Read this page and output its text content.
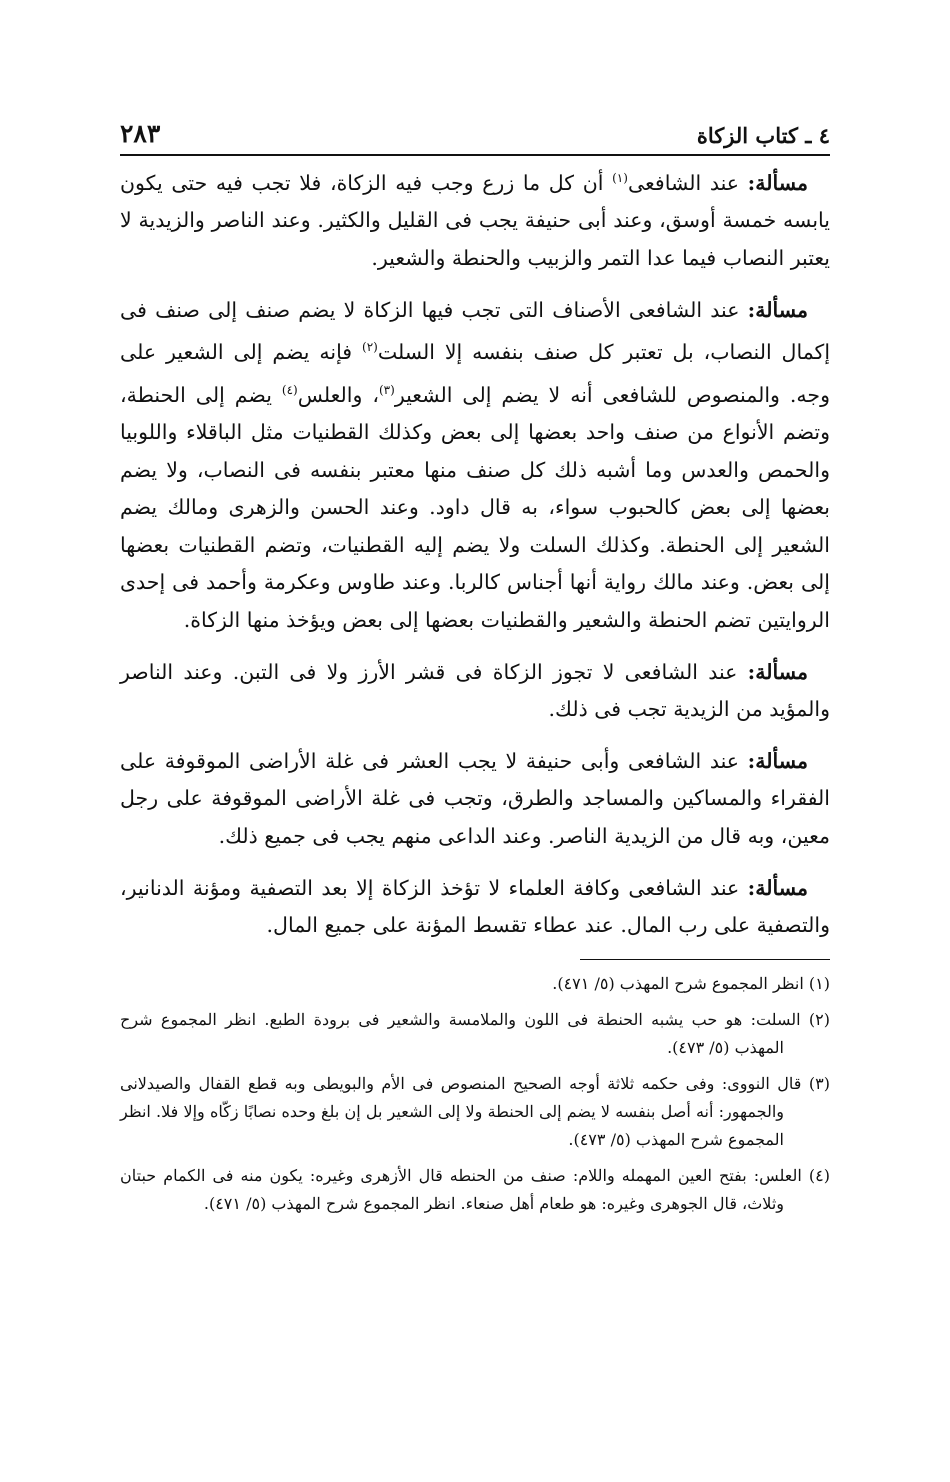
٤ ـ كتاب الزكاة
٢٨٣

مسألة: عند الشافعى$^{(١)}$ أن كل ما زرع وجب فيه الزكاة، فلا تجب فيه حتى يكون يابسه خمسة أوسق، وعند أبى حنيفة يجب فى القليل والكثير. وعند الناصر والزيدية لا يعتبر النصاب فيما عدا التمر والزبيب والحنطة والشعير.

مسألة: عند الشافعى الأصناف التى تجب فيها الزكاة لا يضم صنف إلى صنف فى إكمال النصاب، بل تعتبر كل صنف بنفسه إلا السلت$^{(٢)}$ فإنه يضم إلى الشعير على وجه. والمنصوص للشافعى أنه لا يضم إلى الشعير$^{(٣)}$، والعلس$^{(٤)}$ يضم إلى الحنطة، وتضم الأنواع من صنف واحد بعضها إلى بعض وكذلك القطنيات مثل الباقلاء واللوبيا والحمص والعدس وما أشبه ذلك كل صنف منها معتبر بنفسه فى النصاب، ولا يضم بعضها إلى بعض كالحبوب سواء، به قال داود. وعند الحسن والزهرى ومالك يضم الشعير إلى الحنطة. وكذلك السلت ولا يضم إليه القطنيات، وتضم القطنيات بعضها إلى بعض. وعند مالك رواية أنها أجناس كالربا. وعند طاوس وعكرمة وأحمد فى إحدى الروايتين تضم الحنطة والشعير والقطنيات بعضها إلى بعض ويؤخذ منها الزكاة.

مسألة: عند الشافعى لا تجوز الزكاة فى قشر الأرز ولا فى التبن. وعند الناصر والمؤيد من الزيدية تجب فى ذلك.

مسألة: عند الشافعى وأبى حنيفة لا يجب العشر فى غلة الأراضى الموقوفة على الفقراء والمساكين والمساجد والطرق، وتجب فى غلة الأراضى الموقوفة على رجل معين، وبه قال من الزيدية الناصر. وعند الداعى منهم يجب فى جميع ذلك.

مسألة: عند الشافعى وكافة العلماء لا تؤخذ الزكاة إلا بعد التصفية ومؤنة الدنانير، والتصفية على رب المال. عند عطاء تقسط المؤنة على جميع المال.

(١) انظر المجموع شرح المهذب (٥/ ٤٧١).

(٢) السلت: هو حب يشبه الحنطة فى اللون والملامسة والشعير فى برودة الطبع. انظر المجموع شرح المهذب (٥/ ٤٧٣).

(٣) قال النووى: وفى حكمه ثلاثة أوجه الصحيح المنصوص فى الأم والبويطى وبه قطع القفال والصيدلانى والجمهور: أنه أصل بنفسه لا يضم إلى الحنطة ولا إلى الشعير بل إن بلغ وحده نصابًا زكّاه وإلا فلا. انظر المجموع شرح المهذب (٥/ ٤٧٣).

(٤) العلس: بفتح العين المهمله واللام: صنف من الحنطه قال الأزهرى وغيره: يكون منه فى الكمام حبتان وثلاث، قال الجوهرى وغيره: هو طعام أهل صنعاء. انظر المجموع شرح المهذب (٥/ ٤٧١).
